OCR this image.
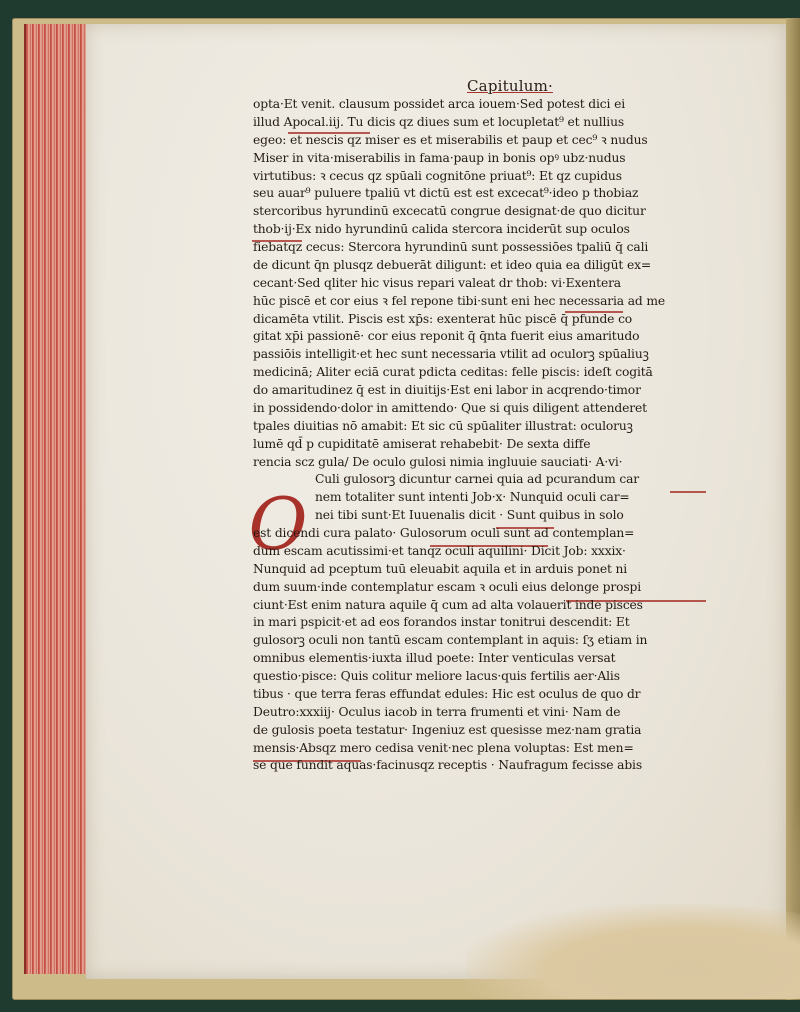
Capitulum·
O
opta·Et venit. clausum possidet arca iouem·Sed potest dici ei
illud Apocal.iij. Tu dicis qz diues sum et locupletat⁹ et nullius
egeo: et nescis qz miser es et miserabilis et paup et cec⁹ ꝛ nudus
Miser in vita·miserabilis in fama·paup in bonis opꝰ ubz·nudus
virtutibus: ꝛ cecus qz spūali cognitōne priuat⁹: Et qz cupidus
seu auar⁹ puluere tpaliū vt dictū est est excecat⁹·ideo p thobiaz
stercoribus hyrundinū excecatū congrue designat·de quo dicitur
thob·ij·Ex nido hyrundinū calida stercora inciderūt sup oculos
fiebatqz cecus: Stercora hyrundinū sunt possessiōes tpaliū q̄ cali
de dicunt q̄n plusqz debuerāt diligunt: et ideo quia ea diligūt ex=
cecant·Sed qliter hic visus repari valeat dr thob: vi·Exentera
hūc piscē et cor eius ꝛ fel repone tibi·sunt eni hec necessaria ad me
dicamēta vtilit. Piscis est xp̄s: exenterat hūc piscē q̄ pfunde co
gitat xp̄i passionē· cor eius reponit q̄ q̄nta fuerit eius amaritudo
passiōis intelligit·et hec sunt necessaria vtilit ad oculorꝫ spūaliuꝫ
medicinā; Aliter eciā curat pdicta ceditas: felle piscis: ideſt cogitā
do amaritudinez q̄ est in diuitijs·Est eni labor in acqrendo·timor
in possidendo·dolor in amittendo· Que si quis diligent attenderet
tpales diuitias nō amabit: Et sic cū spūaliter illustrat: oculoruꝫ
lumē qd̄ p cupiditatē amiserat rehabebit· De sexta diffe
rencia scz gula/ De oculo gulosi nimia ingluuie sauciati· A·vi·
Culi gulosorꝫ dicuntur carnei quia ad pcurandum car
nem totaliter sunt intenti Job·x· Nunquid oculi car=
nei tibi sunt·Et Iuuenalis dicit · Sunt quibus in solo
est dicendi cura palato· Gulosorum oculi sunt ad contemplan=
dum escam acutissimi·et tanqz oculi aquilini· Dicit Job: xxxix·
Nunquid ad pceptum tuū eleuabit aquila et in arduis ponet ni
dum suum·inde contemplatur escam ꝛ oculi eius delonge prospi
ciunt·Est enim natura aquile q̄ cum ad alta volauerit inde pisces
in mari pspicit·et ad eos forandos instar tonitrui descendit: Et
gulosorꝫ oculi non tantū escam contemplant in aquis: ſʒ etiam in
omnibus elementis·iuxta illud poete: Inter venticulas versat
questio·pisce: Quis colitur meliore lacus·quis fertilis aer·Alis
tibus · que terra feras effundat edules: Hic est oculus de quo dr
Deutro:xxxiij· Oculus iacob in terra frumenti et vini· Nam de
de gulosis poeta testatur· Ingeniuz est quesisse mez·nam gratia
mensis·Absqz mero cedisa venit·nec plena voluptas: Est men=
se que fundit aquas·facinusqz receptis · Naufragum fecisse abis
